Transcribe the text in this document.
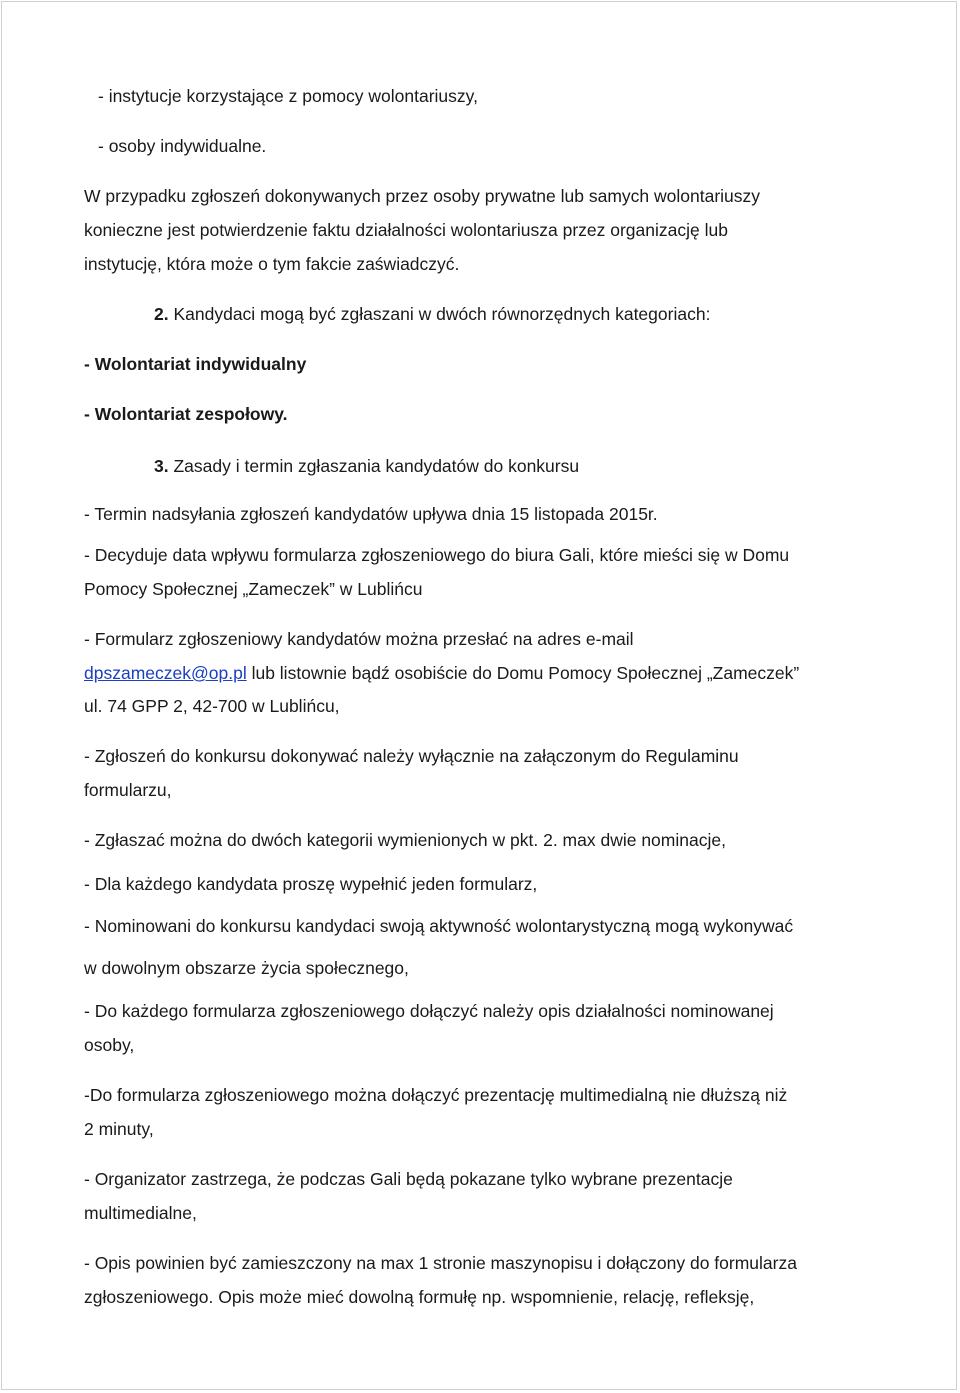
- instytucje korzystające z pomocy wolontariuszy,
- osoby indywidualne.
W przypadku zgłoszeń dokonywanych przez osoby prywatne lub samych wolontariuszy
konieczne jest potwierdzenie faktu działalności wolontariusza przez organizację lub
instytucję, która może o tym fakcie zaświadczyć.
2. Kandydaci mogą być zgłaszani w dwóch równorzędnych kategoriach:
- Wolontariat indywidualny
- Wolontariat zespołowy.
3. Zasady i termin zgłaszania kandydatów do konkursu
- Termin nadsyłania zgłoszeń kandydatów upływa dnia 15 listopada 2015r.
- Decyduje data wpływu formularza zgłoszeniowego do biura Gali, które mieści się w Domu
Pomocy Społecznej „Zameczek” w Lublińcu
- Formularz zgłoszeniowy kandydatów można przesłać na adres e-mail
dpszameczek@op.pl lub listownie bądź osobiście do Domu Pomocy Społecznej „Zameczek”
ul. 74 GPP 2, 42-700 w Lublińcu,
- Zgłoszeń do konkursu dokonywać należy wyłącznie na załączonym do Regulaminu
formularzu,
- Zgłaszać można do dwóch kategorii wymienionych w pkt. 2. max dwie nominacje,
- Dla każdego kandydata proszę wypełnić jeden formularz,
- Nominowani do konkursu kandydaci swoją aktywność wolontarystyczną mogą wykonywać
w dowolnym obszarze życia społecznego,
- Do każdego formularza zgłoszeniowego dołączyć należy opis działalności nominowanej
osoby,
-Do formularza zgłoszeniowego można dołączyć prezentację multimedialną nie dłuższą niż
2 minuty,
- Organizator zastrzega, że podczas Gali będą pokazane tylko wybrane prezentacje
multimedialne,
- Opis powinien być zamieszczony na max 1 stronie maszynopisu i dołączony do formularza
zgłoszeniowego. Opis może mieć dowolną formułę np. wspomnienie, relację, refleksję,
